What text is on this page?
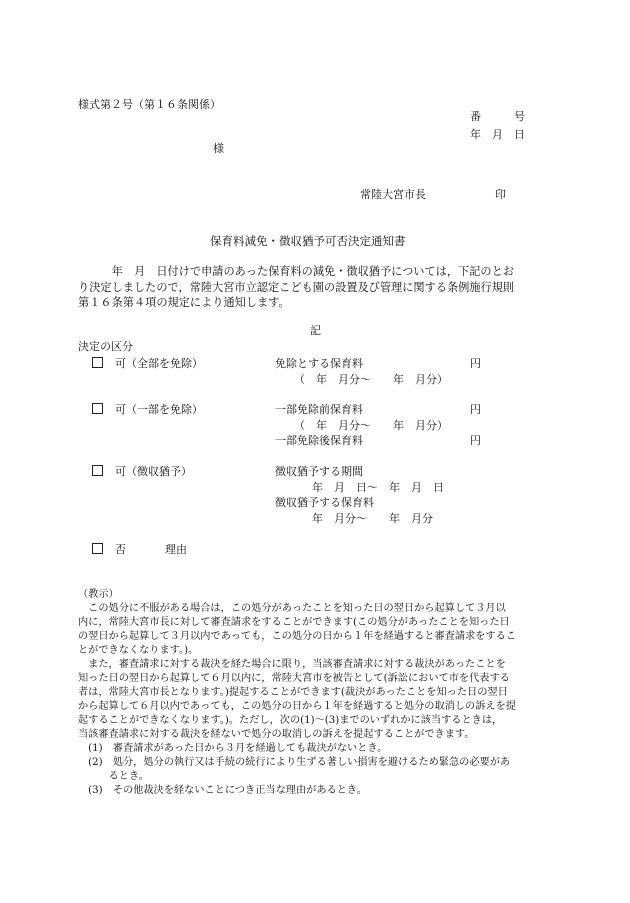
様式第２号（第１６条関係）
番　　　号
年　月　日
様
常陸大宮市長	印
保育料減免・徴収猶予可否決定通知書
　　　年　月　日付けで申請のあった保育料の減免・徴収猶予については，下記のとお
り決定しましたので，常陸大宮市立認定こども園の設置及び管理に関する条例施行規則
第１６条第４項の規定により通知します。
記
決定の区分
可（全部を免除）	免除とする保育料	円
（　年　月分～　　年　月分）
可（一部を免除）	一部免除前保育料	円
（　年　月分～　　年　月分）
一部免除後保育料	円
可（徴収猶予）	徴収猶予する期間
年　月　日～　年　月　日
徴収猶予する保育料
年　月分～　　年　月分
否	理由
（教示）
　この処分に不服がある場合は，この処分があったことを知った日の翌日から起算して３月以
内に，常陸大宮市長に対して審査請求をすることができます(この処分があったことを知った日
の翌日から起算して３月以内であっても，この処分の日から１年を経過すると審査請求をするこ
とができなくなります。)。
　また，審査請求に対する裁決を経た場合に限り，当該審査請求に対する裁決があったことを
知った日の翌日から起算して６月以内に，常陸大宮市を被告として(訴訟において市を代表する
者は，常陸大宮市長となります。)提起することができます(裁決があったことを知った日の翌日
から起算して６月以内であっても，この処分の日から１年を経過すると処分の取消しの訴えを提
起することができなくなります。)。ただし，次の(1)～(3)までのいずれかに該当するときは，
当該審査請求に対する裁決を経ないで処分の取消しの訴えを提起することができます。
　(1)　審査請求があった日から３月を経過しても裁決がないとき。
　(2)　処分，処分の執行又は手続の続行により生ずる著しい損害を避けるため緊急の必要があ
　　　るとき。
　(3)　その他裁決を経ないことにつき正当な理由があるとき。
